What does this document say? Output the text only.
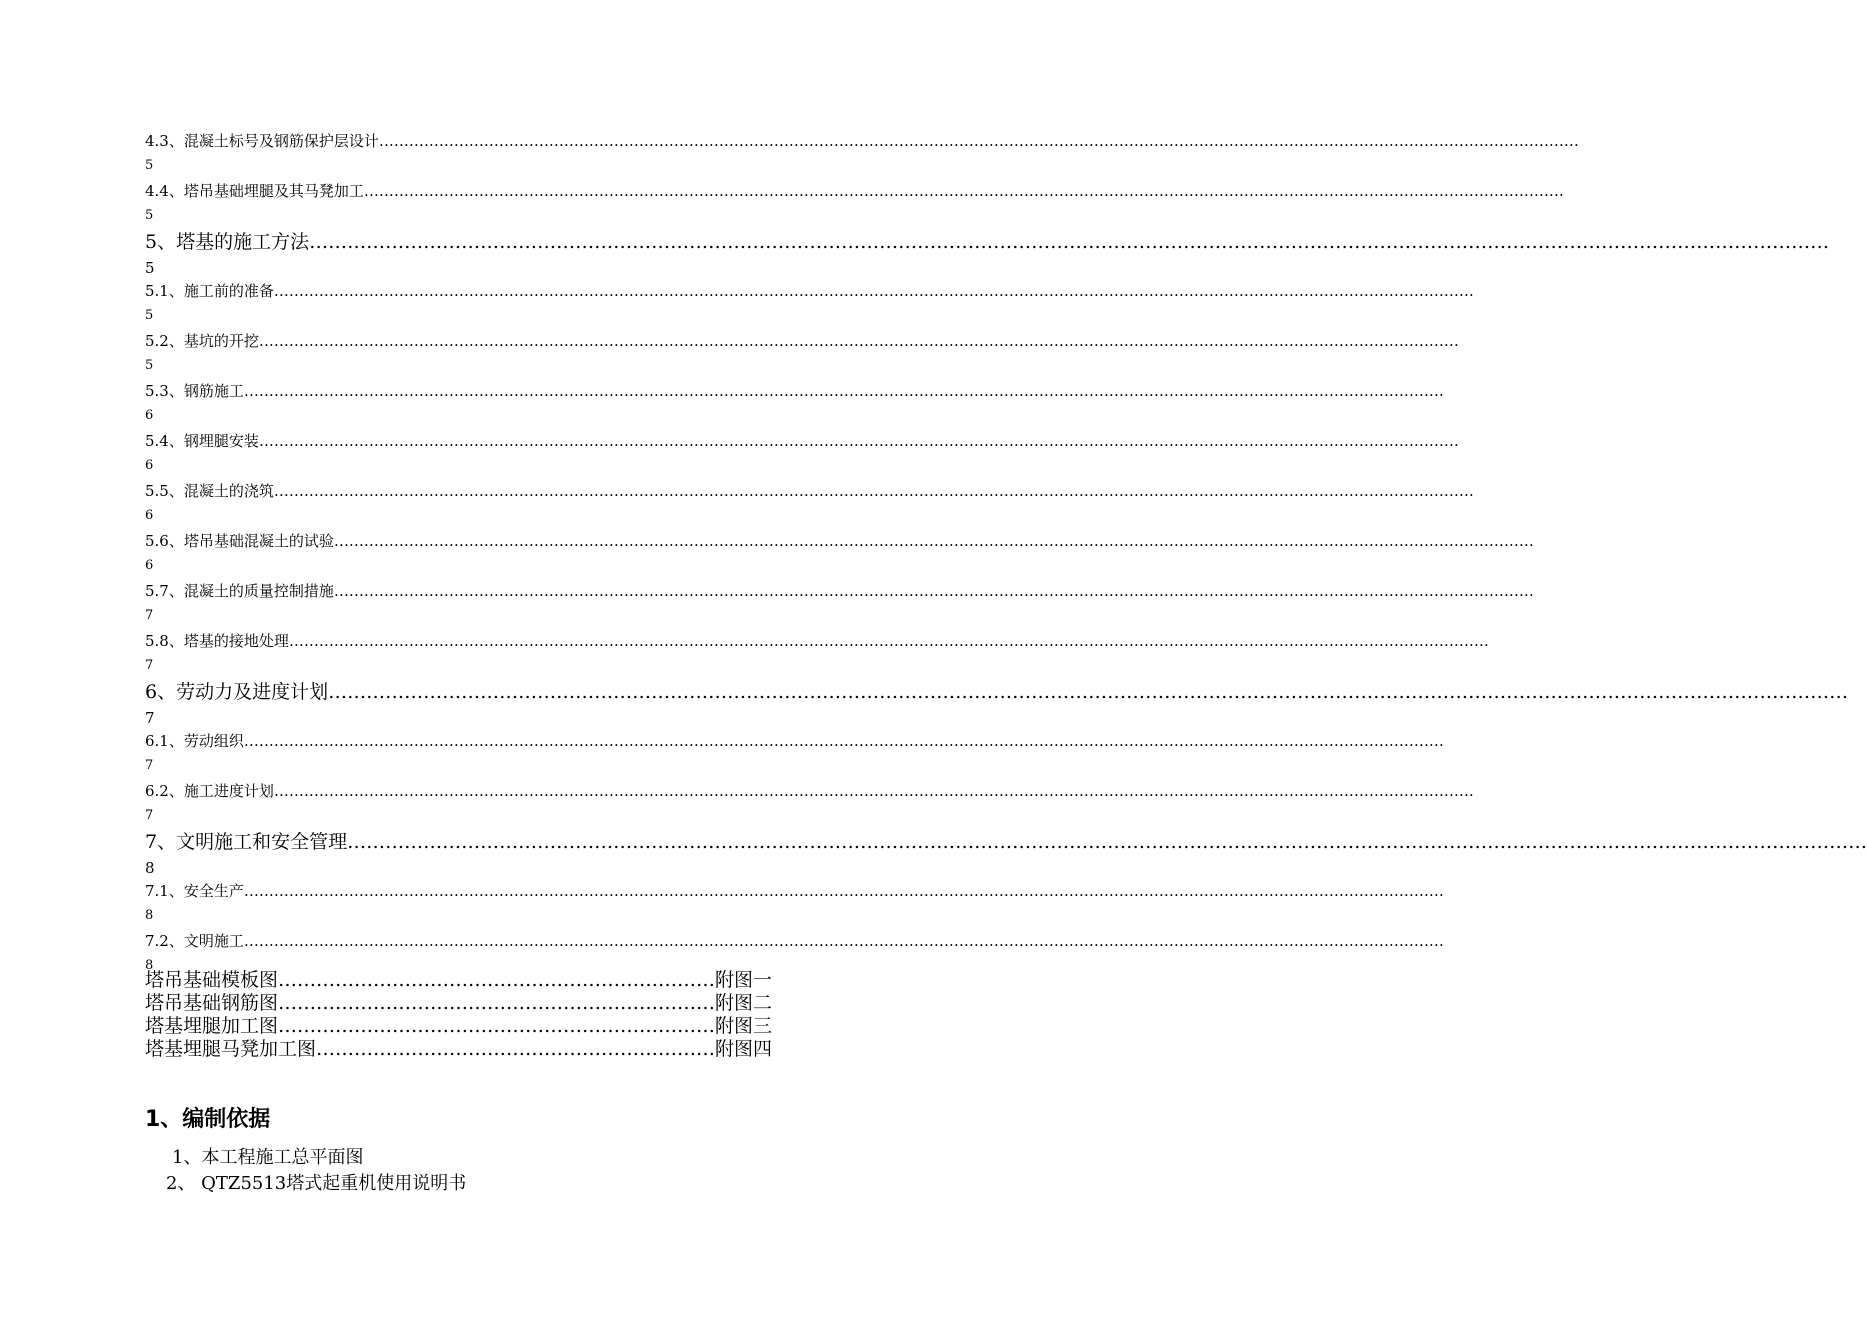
4.3、混凝土标号及钢筋保护层设计……………………………………………………………………………………………………………………………………………………………………………………………………………………
5
4.4、塔吊基础埋腿及其马凳加工……………………………………………………………………………………………………………………………………………………………………………………………………………………
5
5、塔基的施工方法……………………………………………………………………………………………………………………………………………………………………………………………………………………
5
5.1、施工前的准备……………………………………………………………………………………………………………………………………………………………………………………………………………………
5
5.2、基坑的开挖……………………………………………………………………………………………………………………………………………………………………………………………………………………
5
5.3、钢筋施工……………………………………………………………………………………………………………………………………………………………………………………………………………………
6
5.4、钢埋腿安装……………………………………………………………………………………………………………………………………………………………………………………………………………………
6
5.5、混凝土的浇筑……………………………………………………………………………………………………………………………………………………………………………………………………………………
6
5.6、塔吊基础混凝土的试验……………………………………………………………………………………………………………………………………………………………………………………………………………………
6
5.7、混凝土的质量控制措施……………………………………………………………………………………………………………………………………………………………………………………………………………………
7
5.8、塔基的接地处理……………………………………………………………………………………………………………………………………………………………………………………………………………………
7
6、劳动力及进度计划……………………………………………………………………………………………………………………………………………………………………………………………………………………
7
6.1、劳动组织……………………………………………………………………………………………………………………………………………………………………………………………………………………
7
6.2、施工进度计划……………………………………………………………………………………………………………………………………………………………………………………………………………………
7
7、文明施工和安全管理……………………………………………………………………………………………………………………………………………………………………………………………………………………
8
7.1、安全生产……………………………………………………………………………………………………………………………………………………………………………………………………………………
8
7.2、文明施工……………………………………………………………………………………………………………………………………………………………………………………………………………………
8
塔吊基础模板图……………………………………………………………附图一
塔吊基础钢筋图……………………………………………………………附图二
塔基埋腿加工图……………………………………………………………附图三
塔基埋腿马凳加工图………………………………………………………附图四
1、编制依据
1、本工程施工总平面图
2、 QTZ5513塔式起重机使用说明书
